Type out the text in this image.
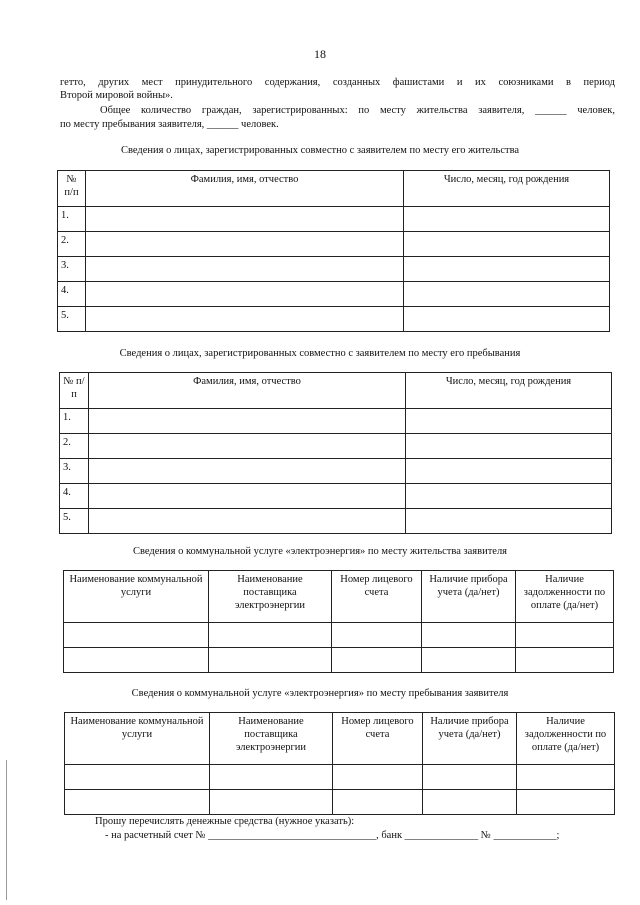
18
гетто, других мест принудительного содержания, созданных фашистами и их союзниками в период
Второй мировой войны».
Общее количество граждан, зарегистрированных: по месту жительства заявителя, ______ человек,
по месту пребывания заявителя, ______ человек.
Сведения о лицах, зарегистрированных совместно с заявителем по месту его жительства
№ п/п	Фамилия, имя, отчество	Число, месяц, год рождения
1.		
2.		
3.		
4.		
5.		
Сведения о лицах, зарегистрированных совместно с заявителем по месту его пребывания
№ п/п	Фамилия, имя, отчество	Число, месяц, год рождения
1.		
2.		
3.		
4.		
5.		
Сведения о коммунальной услуге «электроэнергия» по месту жительства заявителя
Наименование коммунальной услуги	Наименование поставщика электроэнергии	Номер лицевого счета	Наличие прибора учета (да/нет)	Наличие задолженности по оплате (да/нет)

Сведения о коммунальной услуге «электроэнергия» по месту пребывания заявителя
Наименование коммунальной услуги	Наименование поставщика электроэнергии	Номер лицевого счета	Наличие прибора учета (да/нет)	Наличие задолженности по оплате (да/нет)

Прошу перечислять денежные средства (нужное указать):
- на расчетный счет № ________________________________, банк ______________ № ____________;
